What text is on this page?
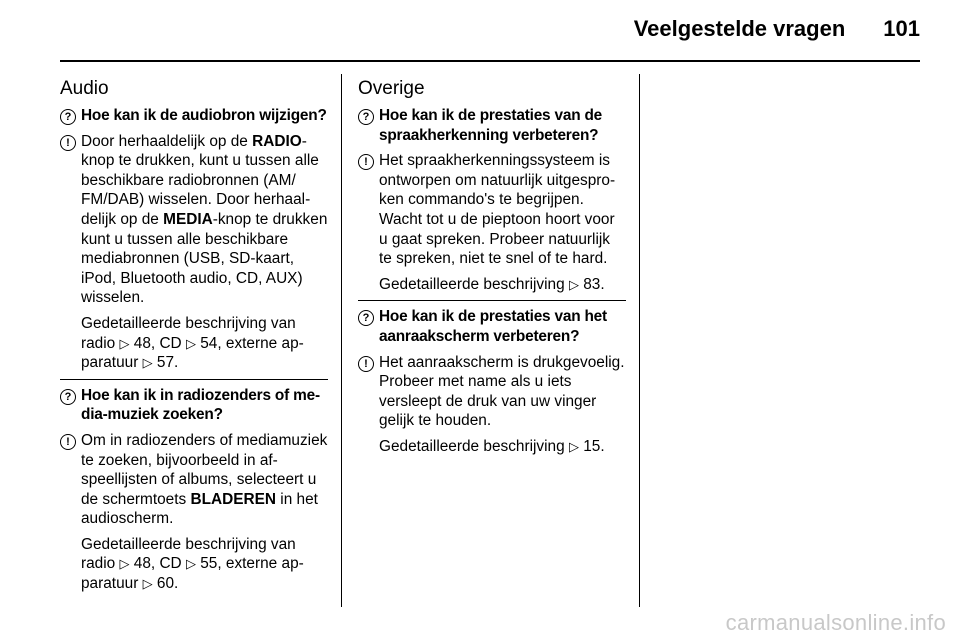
Veelgestelde vragen 101
Audio
? Hoe kan ik de audiobron wijzigen?
! Door herhaaldelijk op de RADIO-knop te drukken, kunt u tussen alle beschikbare radiobronnen (AM/ FM/DAB) wisselen. Door herhaaldelijk op de MEDIA-knop te drukken kunt u tussen alle beschikbare mediabronnen (USB, SD-kaart, iPod, Bluetooth audio, CD, AUX) wisselen.
Gedetailleerde beschrijving van radio ▷ 48, CD ▷ 54, externe apparatuur ▷ 57.
? Hoe kan ik in radiozenders of media-muziek zoeken?
! Om in radiozenders of mediamuziek te zoeken, bijvoorbeeld in afspeellijsten of albums, selecteert u de schermtoets BLADEREN in het audioscherm.
Gedetailleerde beschrijving van radio ▷ 48, CD ▷ 55, externe apparatuur ▷ 60.
Overige
? Hoe kan ik de prestaties van de spraakherkenning verbeteren?
! Het spraakherkenningssysteem is ontworpen om natuurlijk uitgesproken commando's te begrijpen. Wacht tot u de pieptoon hoort voor u gaat spreken. Probeer natuurlijk te spreken, niet te snel of te hard.
Gedetailleerde beschrijving ▷ 83.
? Hoe kan ik de prestaties van het aanraakscherm verbeteren?
! Het aanraakscherm is drukgevoelig. Probeer met name als u iets versleept de druk van uw vinger gelijk te houden.
Gedetailleerde beschrijving ▷ 15.
carmanualsonline.info
